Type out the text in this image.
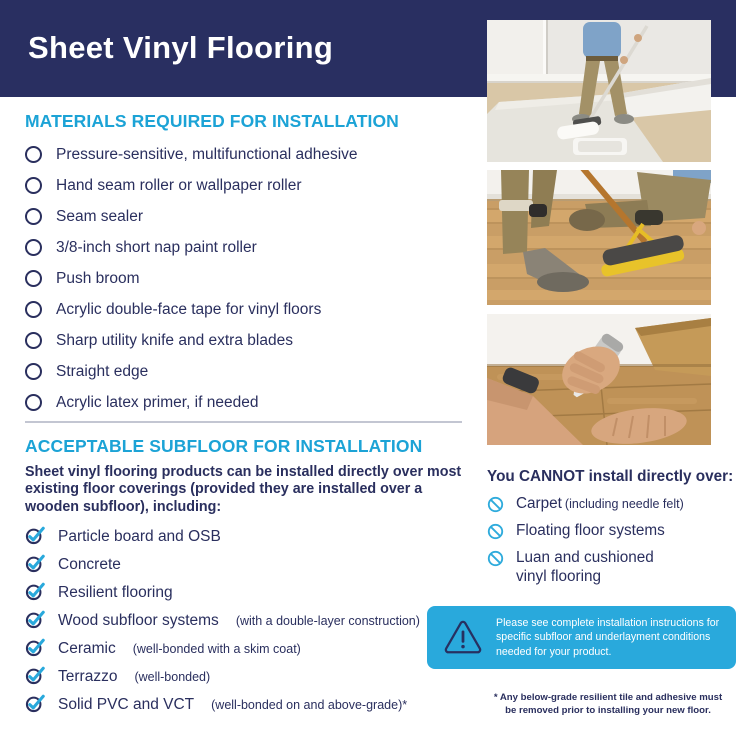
Sheet Vinyl Flooring
MATERIALS REQUIRED FOR INSTALLATION
Pressure-sensitive, multifunctional adhesive
Hand seam roller or wallpaper roller
Seam sealer
3/8-inch short nap paint roller
Push broom
Acrylic double-face tape for vinyl floors
Sharp utility knife and extra blades
Straight edge
Acrylic latex primer, if needed
ACCEPTABLE SUBFLOOR FOR INSTALLATION
Sheet vinyl flooring products can be installed directly over most existing floor coverings (provided they are installed over a wooden subfloor), including:
Particle board and OSB
Concrete
Resilient flooring
Wood subfloor systems (with a double-layer construction)
Ceramic (well-bonded with a skim coat)
Terrazzo (well-bonded)
Solid PVC and VCT (well-bonded on and above-grade)*
You CANNOT install directly over:
Carpet (including needle felt)
Floating floor systems
Luan and cushioned vinyl flooring
Please see complete installation instructions for specific subfloor and underlayment conditions needed for your product.
* Any below-grade resilient tile and adhesive must be removed prior to installing your new floor.
